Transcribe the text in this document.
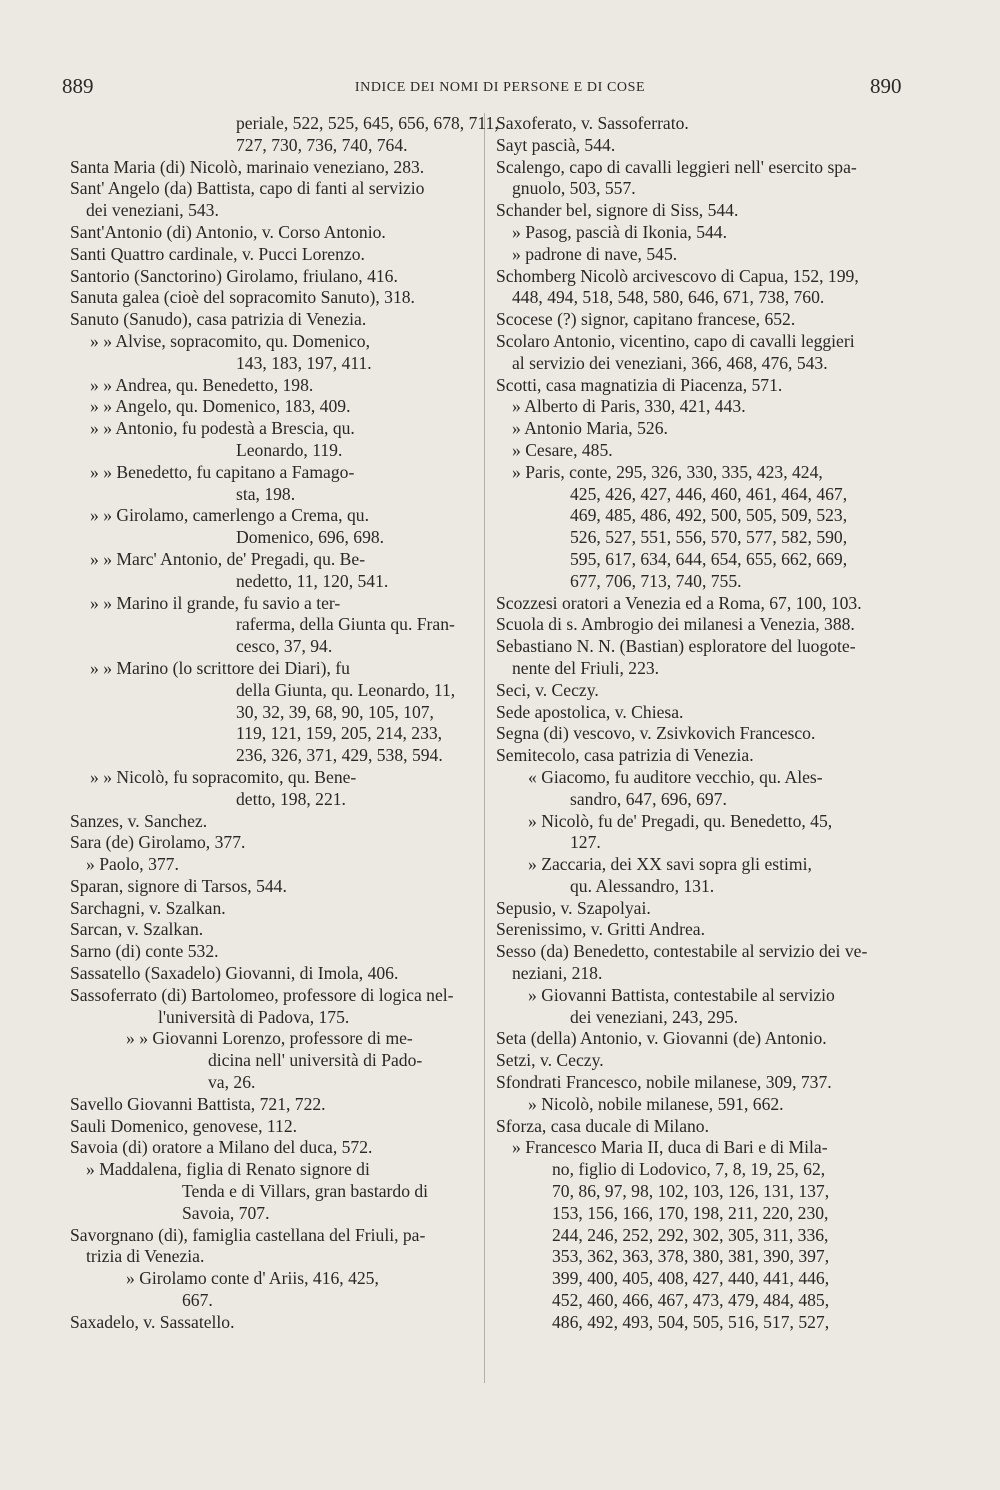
889	INDICE DEI NOMI DI PERSONE E DI COSE	890
periale, 522, 525, 645, 656, 678, 711,
727, 730, 736, 740, 764.
Santa Maria (di) Nicolò, marinaio veneziano, 283.
Sant' Angelo (da) Battista, capo di fanti al servizio
dei veneziani, 543.
Sant'Antonio (di) Antonio, v. Corso Antonio.
Santi Quattro cardinale, v. Pucci Lorenzo.
Santorio (Sanctorino) Girolamo, friulano, 416.
Sanuta galea (cioè del sopracomito Sanuto), 318.
Sanuto (Sanudo), casa patrizia di Venezia.
» » Alvise, sopracomito, qu. Domenico,
143, 183, 197, 411.
» » Andrea, qu. Benedetto, 198.
» » Angelo, qu. Domenico, 183, 409.
» » Antonio, fu podestà a Brescia, qu.
Leonardo, 119.
» » Benedetto, fu capitano a Famago-
sta, 198.
» » Girolamo, camerlengo a Crema, qu.
Domenico, 696, 698.
» » Marc' Antonio, de' Pregadi, qu. Be-
nedetto, 11, 120, 541.
» » Marino il grande, fu savio a ter-
raferma, della Giunta qu. Fran-
cesco, 37, 94.
» » Marino (lo scrittore dei Diari), fu
della Giunta, qu. Leonardo, 11,
30, 32, 39, 68, 90, 105, 107,
119, 121, 159, 205, 214, 233,
236, 326, 371, 429, 538, 594.
» » Nicolò, fu sopracomito, qu. Bene-
detto, 198, 221.
Sanzes, v. Sanchez.
Sara (de) Girolamo, 377.
» Paolo, 377.
Sparan, signore di Tarsos, 544.
Sarchagni, v. Szalkan.
Sarcan, v. Szalkan.
Sarno (di) conte 532.
Sassatello (Saxadelo) Giovanni, di Imola, 406.
Sassoferrato (di) Bartolomeo, professore di logica nel-
l'università di Padova, 175.
» » Giovanni Lorenzo, professore di me-
dicina nell' università di Pado-
va, 26.
Savello Giovanni Battista, 721, 722.
Sauli Domenico, genovese, 112.
Savoia (di) oratore a Milano del duca, 572.
» Maddalena, figlia di Renato signore di
Tenda e di Villars, gran bastardo di
Savoia, 707.
Savorgnano (di), famiglia castellana del Friuli, pa-
trizia di Venezia.
» Girolamo conte d' Ariis, 416, 425,
667.
Saxadelo, v. Sassatello.
Saxoferato, v. Sassoferrato.
Sayt pascià, 544.
Scalengo, capo di cavalli leggieri nell' esercito spa-
gnuolo, 503, 557.
Schander bel, signore di Siss, 544.
» Pasog, pascià di Ikonia, 544.
» padrone di nave, 545.
Schomberg Nicolò arcivescovo di Capua, 152, 199,
448, 494, 518, 548, 580, 646, 671, 738, 760.
Scocese (?) signor, capitano francese, 652.
Scolaro Antonio, vicentino, capo di cavalli leggieri
al servizio dei veneziani, 366, 468, 476, 543.
Scotti, casa magnatizia di Piacenza, 571.
» Alberto di Paris, 330, 421, 443.
» Antonio Maria, 526.
» Cesare, 485.
» Paris, conte, 295, 326, 330, 335, 423, 424,
425, 426, 427, 446, 460, 461, 464, 467,
469, 485, 486, 492, 500, 505, 509, 523,
526, 527, 551, 556, 570, 577, 582, 590,
595, 617, 634, 644, 654, 655, 662, 669,
677, 706, 713, 740, 755.
Scozzesi oratori a Venezia ed a Roma, 67, 100, 103.
Scuola di s. Ambrogio dei milanesi a Venezia, 388.
Sebastiano N. N. (Bastian) esploratore del luogote-
nente del Friuli, 223.
Seci, v. Ceczy.
Sede apostolica, v. Chiesa.
Segna (di) vescovo, v. Zsivkovich Francesco.
Semitecolo, casa patrizia di Venezia.
« Giacomo, fu auditore vecchio, qu. Ales-
sandro, 647, 696, 697.
» Nicolò, fu de' Pregadi, qu. Benedetto, 45,
127.
» Zaccaria, dei XX savi sopra gli estimi,
qu. Alessandro, 131.
Sepusio, v. Szapolyai.
Serenissimo, v. Gritti Andrea.
Sesso (da) Benedetto, contestabile al servizio dei ve-
neziani, 218.
» Giovanni Battista, contestabile al servizio
dei veneziani, 243, 295.
Seta (della) Antonio, v. Giovanni (de) Antonio.
Setzi, v. Ceczy.
Sfondrati Francesco, nobile milanese, 309, 737.
» Nicolò, nobile milanese, 591, 662.
Sforza, casa ducale di Milano.
» Francesco Maria II, duca di Bari e di Mila-
no, figlio di Lodovico, 7, 8, 19, 25, 62,
70, 86, 97, 98, 102, 103, 126, 131, 137,
153, 156, 166, 170, 198, 211, 220, 230,
244, 246, 252, 292, 302, 305, 311, 336,
353, 362, 363, 378, 380, 381, 390, 397,
399, 400, 405, 408, 427, 440, 441, 446,
452, 460, 466, 467, 473, 479, 484, 485,
486, 492, 493, 504, 505, 516, 517, 527,
